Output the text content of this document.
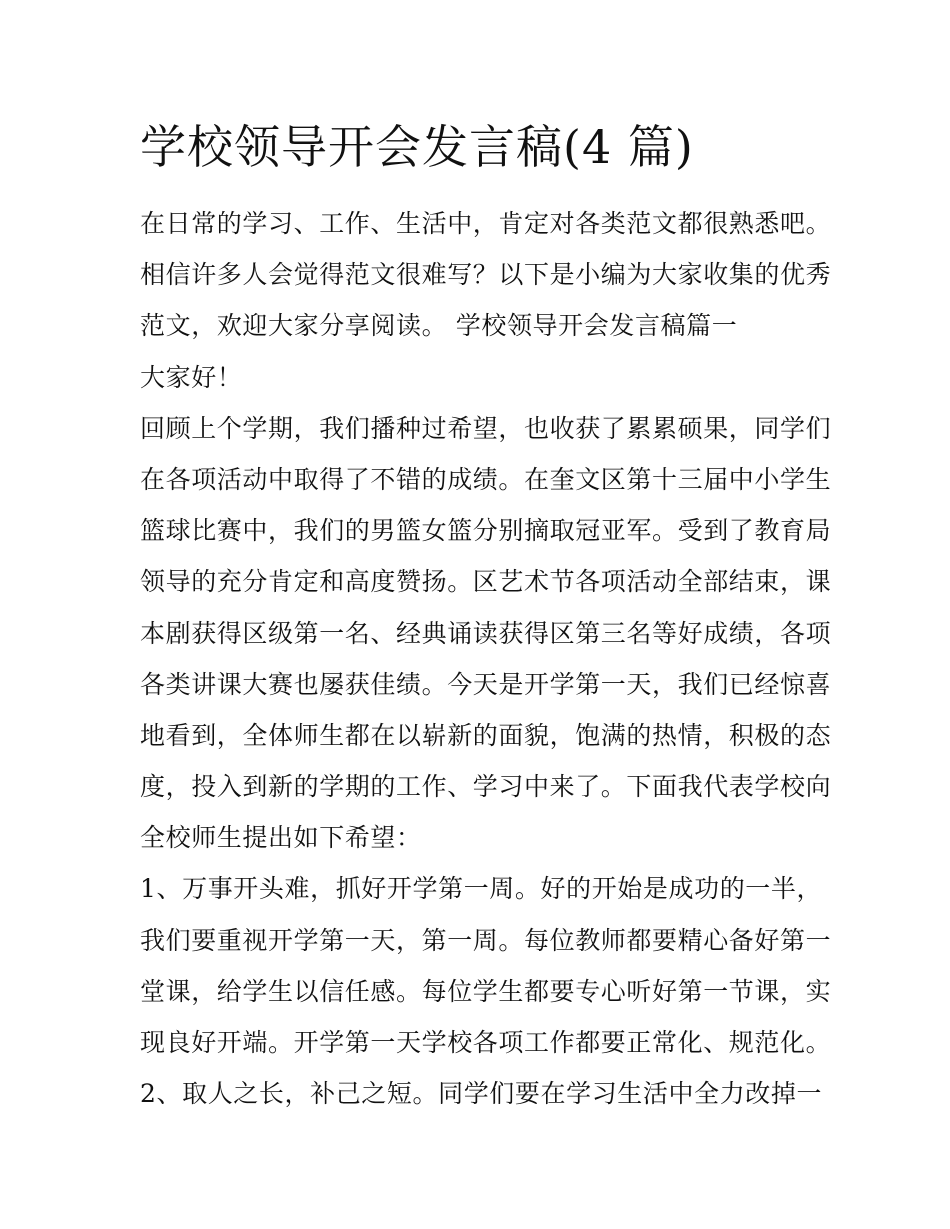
学校领导开会发言稿(4 篇)
在日常的学习、工作、生活中，肯定对各类范文都很熟悉吧。
相信许多人会觉得范文很难写？以下是小编为大家收集的优秀
范文，欢迎大家分享阅读。 学校领导开会发言稿篇一
大家好！
回顾上个学期，我们播种过希望，也收获了累累硕果，同学们
在各项活动中取得了不错的成绩。在奎文区第十三届中小学生
篮球比赛中，我们的男篮女篮分别摘取冠亚军。受到了教育局
领导的充分肯定和高度赞扬。区艺术节各项活动全部结束，课
本剧获得区级第一名、经典诵读获得区第三名等好成绩，各项
各类讲课大赛也屡获佳绩。今天是开学第一天，我们已经惊喜
地看到，全体师生都在以崭新的面貌，饱满的热情，积极的态
度，投入到新的学期的工作、学习中来了。下面我代表学校向
全校师生提出如下希望：
1、万事开头难，抓好开学第一周。好的开始是成功的一半，
我们要重视开学第一天，第一周。每位教师都要精心备好第一
堂课，给学生以信任感。每位学生都要专心听好第一节课，实
现良好开端。开学第一天学校各项工作都要正常化、规范化。
2、取人之长，补己之短。同学们要在学习生活中全力改掉一
